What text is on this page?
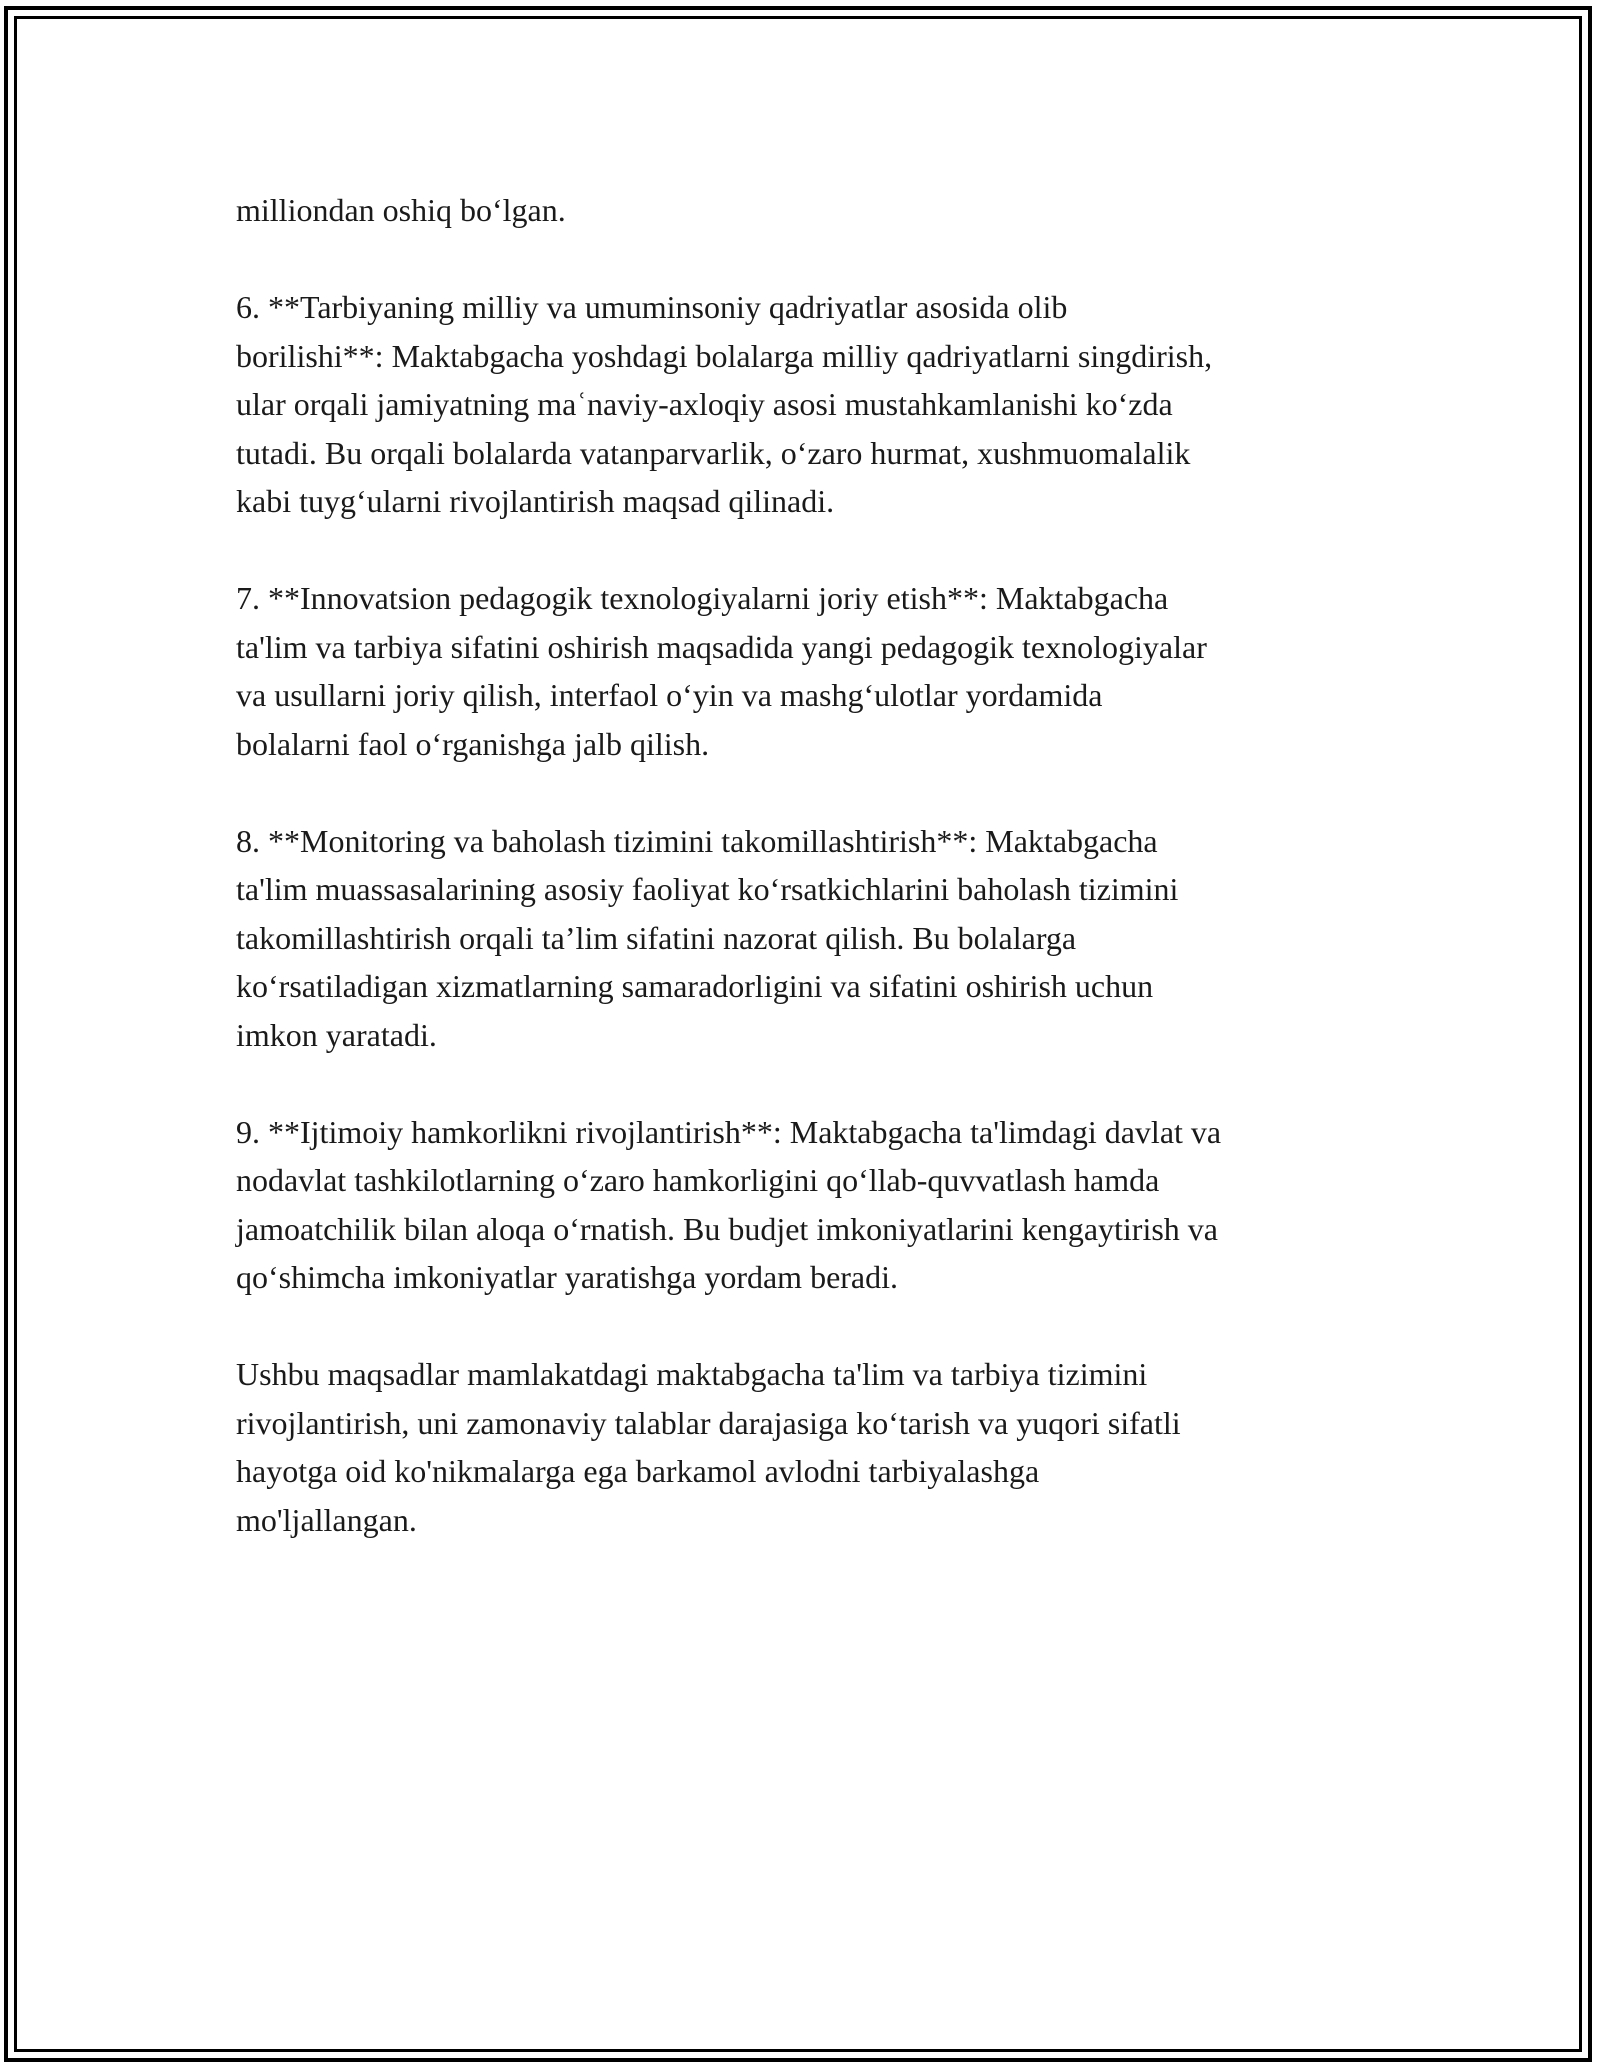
milliondan oshiq bo‘lgan.

6. **Tarbiyaning milliy va umuminsoniy qadriyatlar asosida olib
borilishi**: Maktabgacha yoshdagi bolalarga milliy qadriyatlarni singdirish,
ular orqali jamiyatning maʿnaviy-axloqiy asosi mustahkamlanishi ko‘zda
tutadi. Bu orqali bolalarda vatanparvarlik, o‘zaro hurmat, xushmuomalalik
kabi tuyg‘ularni rivojlantirish maqsad qilinadi.

7. **Innovatsion pedagogik texnologiyalarni joriy etish**: Maktabgacha
ta'lim va tarbiya sifatini oshirish maqsadida yangi pedagogik texnologiyalar
va usullarni joriy qilish, interfaol o‘yin va mashg‘ulotlar yordamida
bolalarni faol o‘rganishga jalb qilish.

8. **Monitoring va baholash tizimini takomillashtirish**: Maktabgacha
ta'lim muassasalarining asosiy faoliyat ko‘rsatkichlarini baholash tizimini
takomillashtirish orqali ta’lim sifatini nazorat qilish. Bu bolalarga
ko‘rsatiladigan xizmatlarning samaradorligini va sifatini oshirish uchun
imkon yaratadi.

9. **Ijtimoiy hamkorlikni rivojlantirish**: Maktabgacha ta'limdagi davlat va
nodavlat tashkilotlarning o‘zaro hamkorligini qo‘llab-quvvatlash hamda
jamoatchilik bilan aloqa o‘rnatish. Bu budjet imkoniyatlarini kengaytirish va
qo‘shimcha imkoniyatlar yaratishga yordam beradi.

Ushbu maqsadlar mamlakatdagi maktabgacha ta'lim va tarbiya tizimini
rivojlantirish, uni zamonaviy talablar darajasiga ko‘tarish va yuqori sifatli
hayotga oid ko'nikmalarga ega barkamol avlodni tarbiyalashga
mo'ljallangan.
